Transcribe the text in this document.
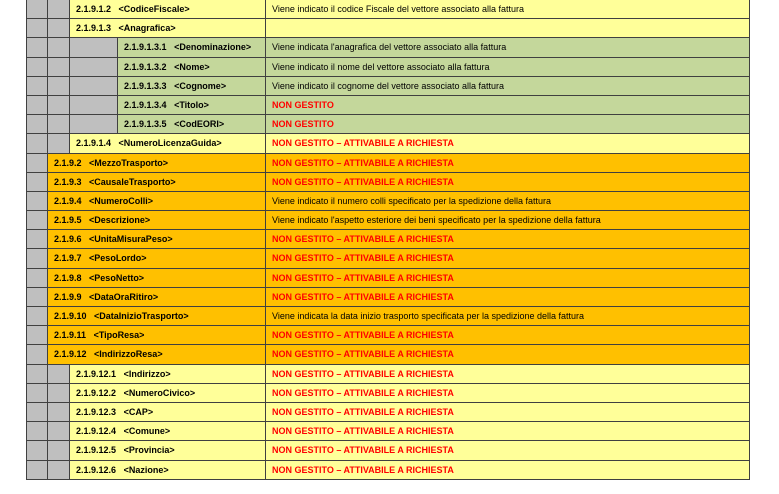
2.1.9.1.2 <CodiceFiscale>	Viene indicato il codice Fiscale del vettore associato alla fattura
2.1.9.1.3 <Anagrafica>
2.1.9.1.3.1 <Denominazione>	Viene indicata l'anagrafica del vettore associato alla fattura
2.1.9.1.3.2 <Nome>	Viene indicato il nome del vettore associato alla fattura
2.1.9.1.3.3 <Cognome>	Viene indicato il cognome del vettore associato alla fattura
2.1.9.1.3.4 <Titolo>	NON GESTITO
2.1.9.1.3.5 <CodEORI>	NON GESTITO
2.1.9.1.4 <NumeroLicenzaGuida>	NON GESTITO – ATTIVABILE A RICHIESTA
2.1.9.2 <MezzoTrasporto>	NON GESTITO – ATTIVABILE A RICHIESTA
2.1.9.3 <CausaleTrasporto>	NON GESTITO – ATTIVABILE A RICHIESTA
2.1.9.4 <NumeroColli>	Viene indicato il numero colli specificato per la spedizione della fattura
2.1.9.5 <Descrizione>	Viene indicato l'aspetto esteriore dei beni specificato per la spedizione della fattura
2.1.9.6 <UnitaMisuraPeso>	NON GESTITO – ATTIVABILE A RICHIESTA
2.1.9.7 <PesoLordo>	NON GESTITO – ATTIVABILE A RICHIESTA
2.1.9.8 <PesoNetto>	NON GESTITO – ATTIVABILE A RICHIESTA
2.1.9.9 <DataOraRitiro>	NON GESTITO – ATTIVABILE A RICHIESTA
2.1.9.10 <DataInizioTrasporto>	Viene indicata la data inizio trasporto specificata per la spedizione della fattura
2.1.9.11 <TipoResa>	NON GESTITO – ATTIVABILE A RICHIESTA
2.1.9.12 <IndirizzoResa>	NON GESTITO – ATTIVABILE A RICHIESTA
2.1.9.12.1 <Indirizzo>	NON GESTITO – ATTIVABILE A RICHIESTA
2.1.9.12.2 <NumeroCivico>	NON GESTITO – ATTIVABILE A RICHIESTA
2.1.9.12.3 <CAP>	NON GESTITO – ATTIVABILE A RICHIESTA
2.1.9.12.4 <Comune>	NON GESTITO – ATTIVABILE A RICHIESTA
2.1.9.12.5 <Provincia>	NON GESTITO – ATTIVABILE A RICHIESTA
2.1.9.12.6 <Nazione>	NON GESTITO – ATTIVABILE A RICHIESTA
